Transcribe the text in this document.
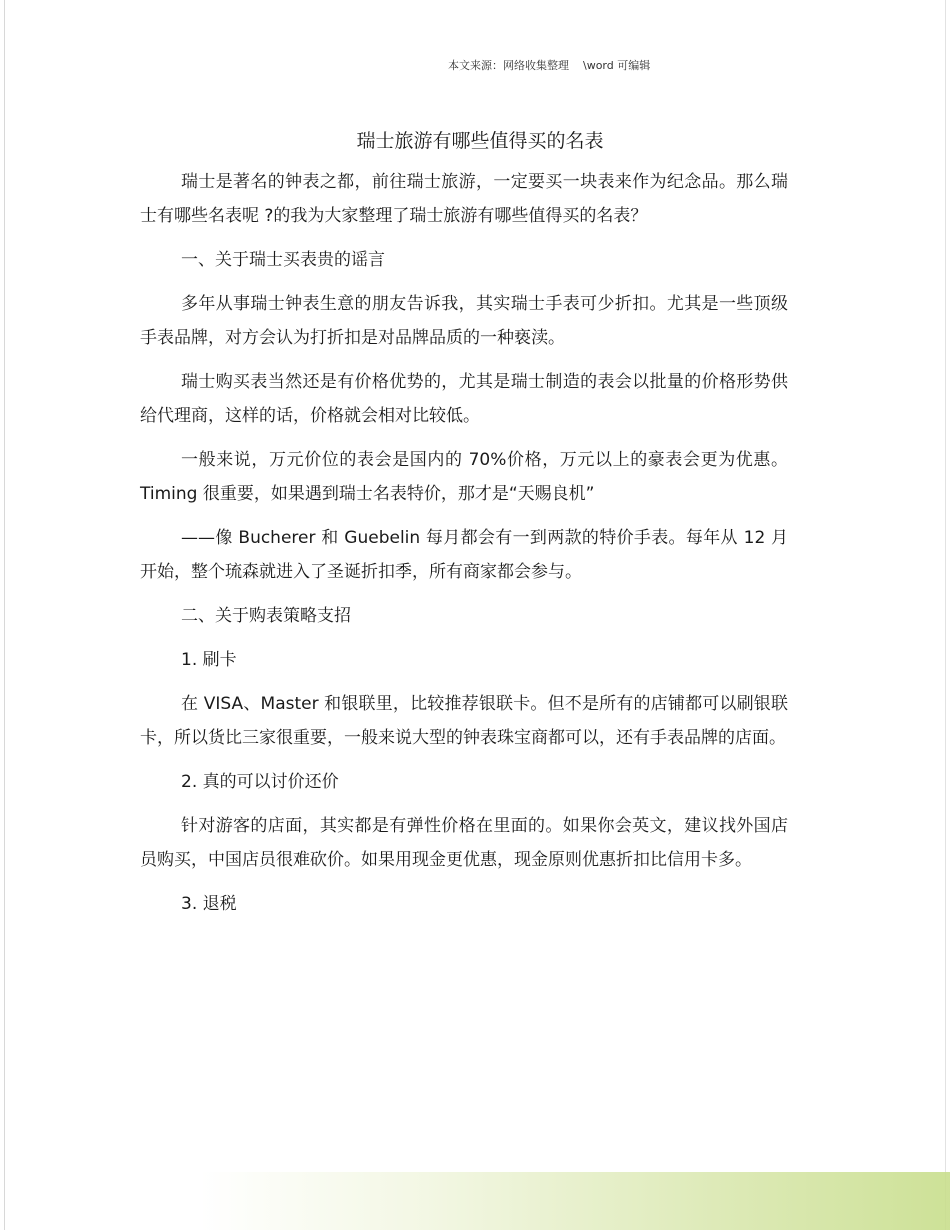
本文来源：网络收集整理    \word 可编辑
瑞士旅游有哪些值得买的名表

瑞士是著名的钟表之都，前往瑞士旅游，一定要买一块表来作为纪念品。那么瑞士有哪些名表呢 ?的我为大家整理了瑞士旅游有哪些值得买的名表？

一、关于瑞士买表贵的谣言

多年从事瑞士钟表生意的朋友告诉我，其实瑞士手表可少折扣。尤其是一些顶级手表品牌，对方会认为打折扣是对品牌品质的一种亵渎。

瑞士购买表当然还是有价格优势的，尤其是瑞士制造的表会以批量的价格形势供给代理商，这样的话，价格就会相对比较低。

一般来说，万元价位的表会是国内的 70%价格，万元以上的豪表会更为优惠。 Timing 很重要，如果遇到瑞士名表特价，那才是“天赐良机”

——像 Bucherer 和 Guebelin 每月都会有一到两款的特价手表。每年从 12 月开始，整个琉森就进入了圣诞折扣季，所有商家都会参与。

二、关于购表策略支招

1. 刷卡

在 VISA、Master 和银联里，比较推荐银联卡。但不是所有的店铺都可以刷银联卡，所以货比三家很重要，一般来说大型的钟表珠宝商都可以，还有手表品牌的店面。

2. 真的可以讨价还价

针对游客的店面，其实都是有弹性价格在里面的。如果你会英文，建议找外国店员购买，中国店员很难砍价。如果用现金更优惠，现金原则优惠折扣比信用卡多。

3. 退税
